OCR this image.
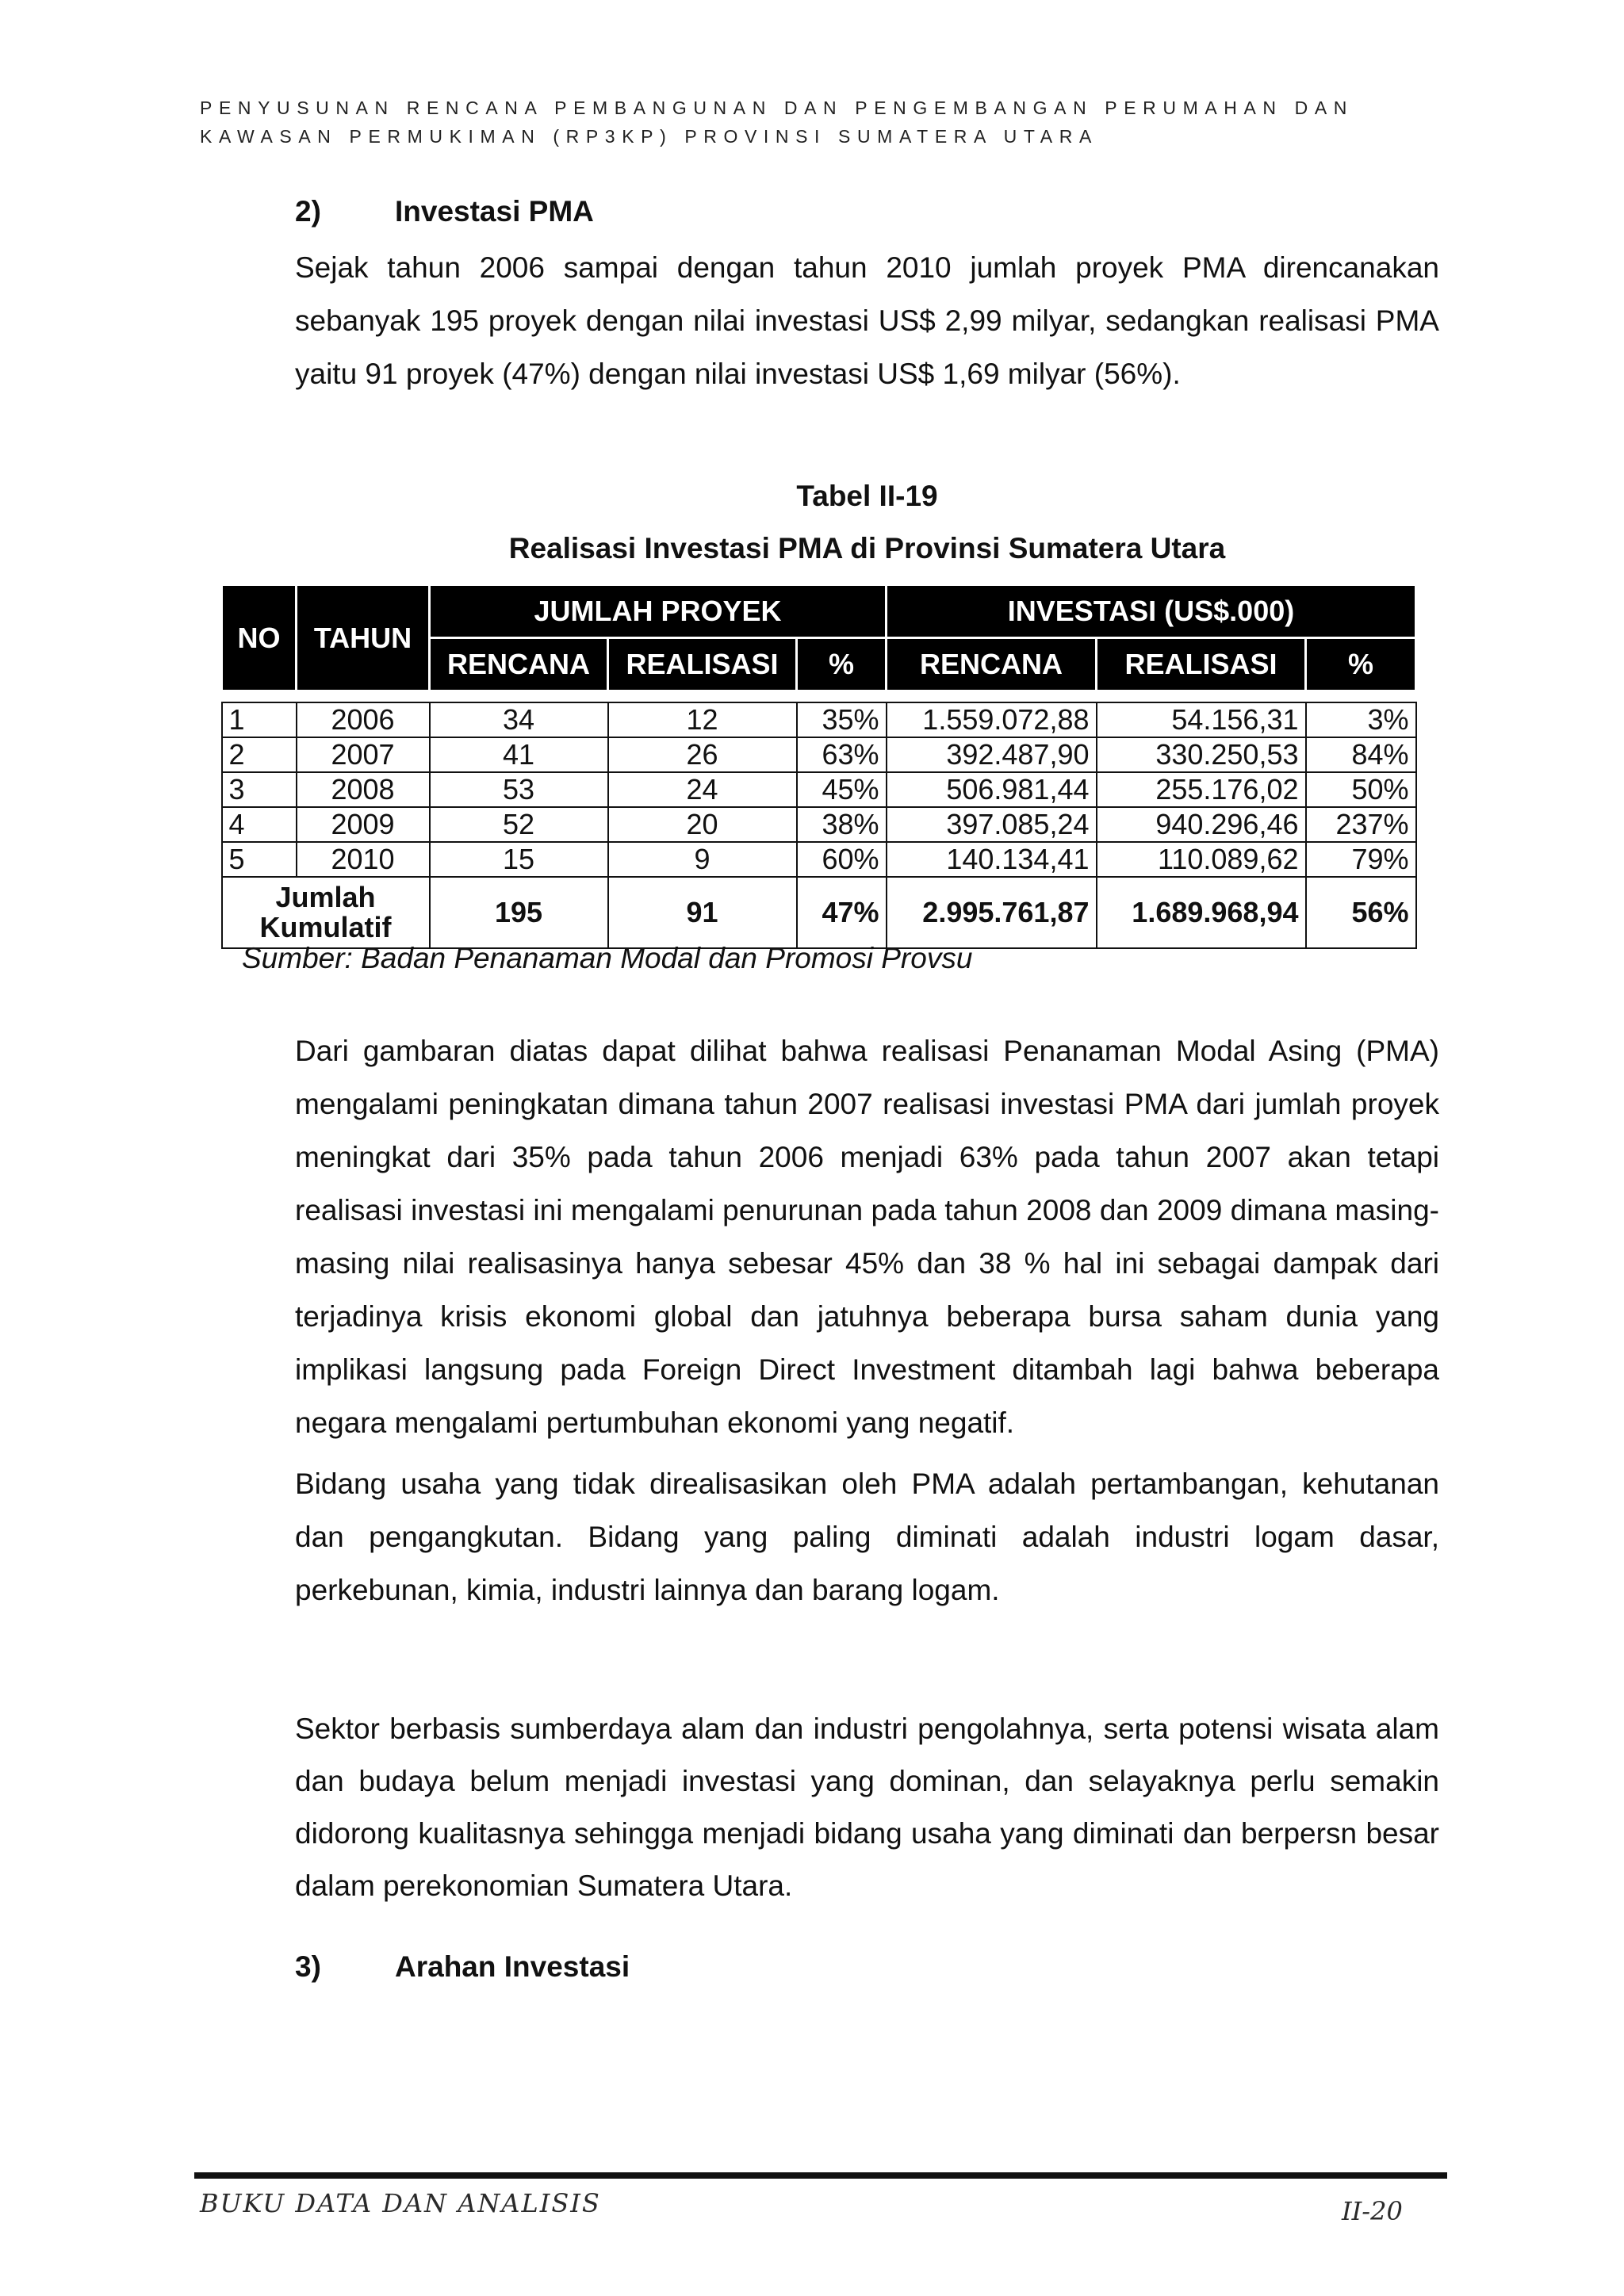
PENYUSUNAN RENCANA PEMBANGUNAN DAN PENGEMBANGAN PERUMAHAN DAN
KAWASAN PERMUKIMAN (RP3KP) PROVINSI SUMATERA UTARA
2)	Investasi PMA

Sejak tahun 2006 sampai dengan tahun 2010 jumlah proyek PMA direncanakan sebanyak 195 proyek dengan nilai investasi US$ 2,99 milyar, sedangkan realisasi PMA yaitu 91 proyek (47%) dengan nilai investasi US$ 1,69 milyar (56%).

Tabel II-19
Realisasi Investasi PMA di Provinsi Sumatera Utara
NO	TAHUN	JUMLAH PROYEK			INVESTASI (US$.000)		
		RENCANA	REALISASI	%	RENCANA	REALISASI	%

1	2006	34	12	35%	1.559.072,88	54.156,31	3%
2	2007	41	26	63%	392.487,90	330.250,53	84%
3	2008	53	24	45%	506.981,44	255.176,02	50%
4	2009	52	20	38%	397.085,24	940.296,46	237%
5	2010	15	9	60%	140.134,41	110.089,62	79%

Jumlah
Kumulatif		195	91	47%	2.995.761,87	1.689.968,94	56%
Sumber: Badan Penanaman Modal dan Promosi Provsu

Dari gambaran diatas dapat dilihat bahwa realisasi Penanaman Modal Asing (PMA) mengalami peningkatan dimana tahun 2007 realisasi investasi PMA dari jumlah proyek meningkat dari 35% pada tahun 2006 menjadi 63% pada tahun 2007 akan tetapi realisasi investasi ini mengalami penurunan pada tahun 2008 dan 2009 dimana masing-masing nilai realisasinya hanya sebesar 45% dan 38 % hal ini sebagai dampak dari terjadinya krisis ekonomi global dan jatuhnya beberapa bursa saham dunia yang implikasi langsung pada Foreign Direct Investment ditambah lagi bahwa beberapa negara mengalami pertumbuhan ekonomi yang negatif.

Bidang usaha yang tidak direalisasikan oleh PMA adalah pertambangan, kehutanan dan pengangkutan. Bidang yang paling diminati adalah industri logam dasar, perkebunan, kimia, industri lainnya dan barang logam.

Sektor berbasis sumberdaya alam dan industri pengolahnya, serta potensi wisata alam dan budaya belum menjadi investasi yang dominan, dan selayaknya perlu semakin didorong kualitasnya sehingga menjadi bidang usaha yang diminati dan berpersn besar dalam perekonomian Sumatera Utara.

3)	Arahan Investasi
BUKU DATA DAN ANALISIS	II-20
